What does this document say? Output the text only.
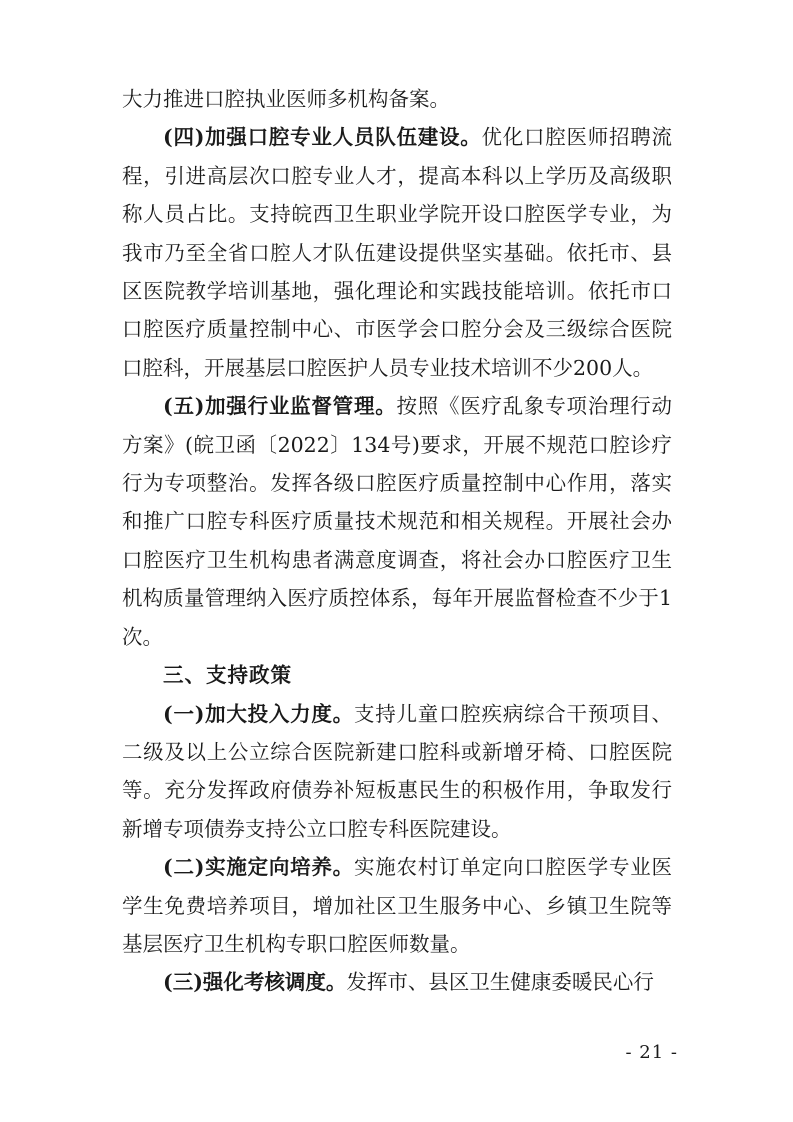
大力推进口腔执业医师多机构备案。

(四)加强口腔专业人员队伍建设。优化口腔医师招聘流程，引进高层次口腔专业人才，提高本科以上学历及高级职称人员占比。支持皖西卫生职业学院开设口腔医学专业，为我市乃至全省口腔人才队伍建设提供坚实基础。依托市、县区医院教学培训基地，强化理论和实践技能培训。依托市口口腔医疗质量控制中心、市医学会口腔分会及三级综合医院口腔科，开展基层口腔医护人员专业技术培训不少200人。

(五)加强行业监督管理。按照《医疗乱象专项治理行动方案》(皖卫函〔2022〕134号)要求，开展不规范口腔诊疗行为专项整治。发挥各级口腔医疗质量控制中心作用，落实和推广口腔专科医疗质量技术规范和相关规程。开展社会办口腔医疗卫生机构患者满意度调查，将社会办口腔医疗卫生机构质量管理纳入医疗质控体系，每年开展监督检查不少于1次。

三、支持政策

(一)加大投入力度。支持儿童口腔疾病综合干预项目、二级及以上公立综合医院新建口腔科或新增牙椅、口腔医院等。充分发挥政府债券补短板惠民生的积极作用，争取发行新增专项债券支持公立口腔专科医院建设。

(二)实施定向培养。实施农村订单定向口腔医学专业医学生免费培养项目，增加社区卫生服务中心、乡镇卫生院等基层医疗卫生机构专职口腔医师数量。

(三)强化考核调度。发挥市、县区卫生健康委暖民心行

- 21 -
